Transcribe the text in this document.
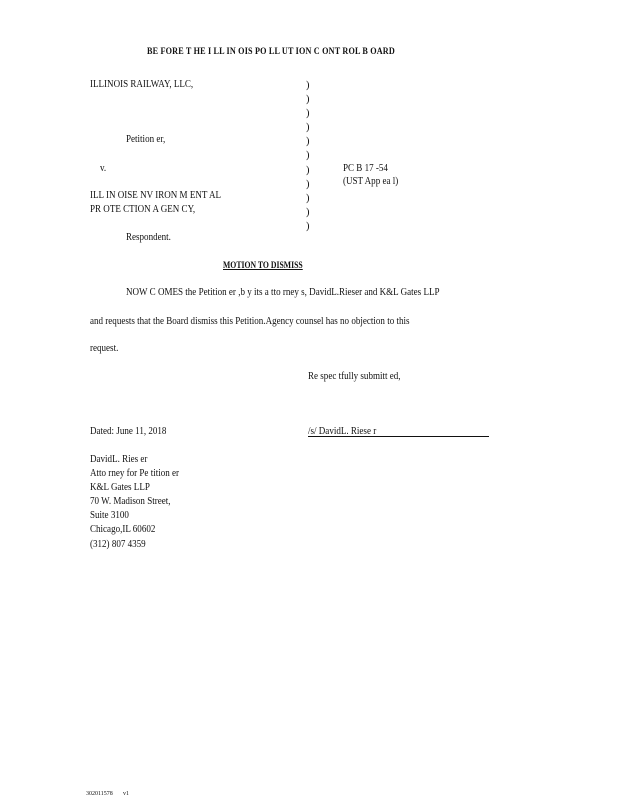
BE FORE T HE I LL IN OIS PO LL UT ION C ONT ROL B OARD
ILLINOIS RAILWAY, LLC,
Petition er,
v.
ILL IN OISE NV IRON M ENT AL
PR OTE CTION A GEN CY,
Respondent.
)
)
)
)
)
)
)
)
)
)
)
PC B 17 -54
(UST App ea l)
MOTION TO DISMISS
NOW C OMES the Petition er ,b y its a tto rney s, DavidL.Rieser and K&L Gates LLP
and requests that the Board dismiss this Petition.Agency counsel has no objection to this
request.
Re spec tfully submitt ed,
Dated: June 11, 2018	/s/ DavidL. Riese r
DavidL. Ries er
Atto rney for Pe tition er
K&L Gates LLP
70 W. Madison Street,
Suite 3100
Chicago,IL 60602
(312) 807 4359
302011578 v1
